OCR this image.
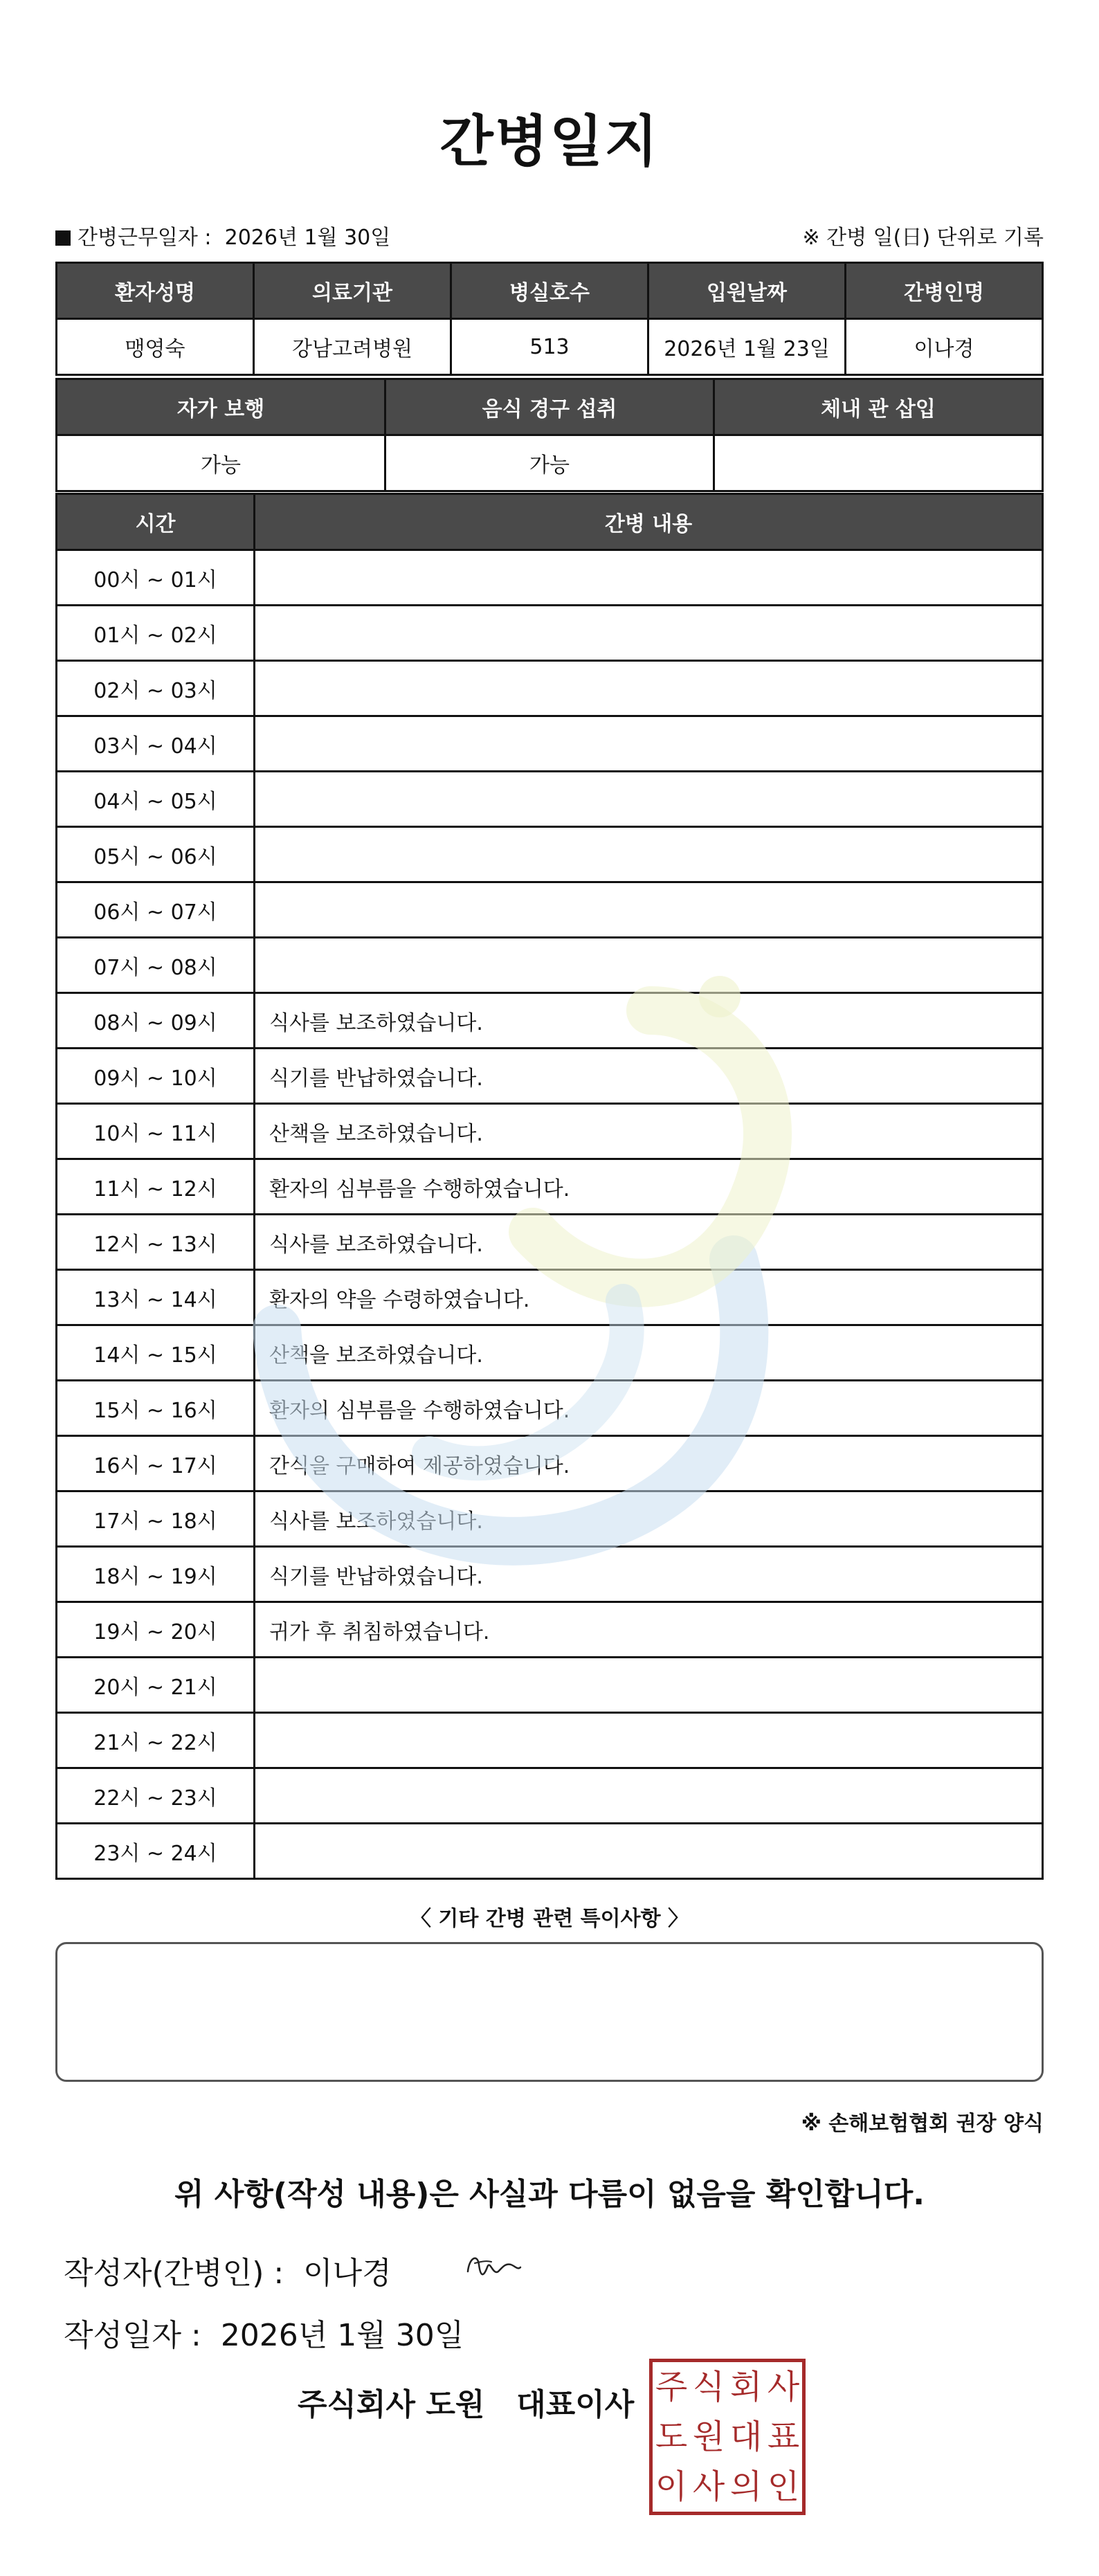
간병일지
간병근무일자 : 2026년 1월 30일	※ 간병 일(日) 단위로 기록
환자성명	의료기관	병실호수	입원날짜	간병인명
맹영숙	강남고려병원	513	2026년 1월 23일	이나경
자가 보행	음식 경구 섭취	체내 관 삽입
가능	가능	
시간	간병 내용
00시 ~ 01시	
01시 ~ 02시	
02시 ~ 03시	
03시 ~ 04시	
04시 ~ 05시	
05시 ~ 06시	
06시 ~ 07시	
07시 ~ 08시	
08시 ~ 09시	식사를 보조하였습니다.
09시 ~ 10시	식기를 반납하였습니다.
10시 ~ 11시	산책을 보조하였습니다.
11시 ~ 12시	환자의 심부름을 수행하였습니다.
12시 ~ 13시	식사를 보조하였습니다.
13시 ~ 14시	환자의 약을 수령하였습니다.
14시 ~ 15시	산책을 보조하였습니다.
15시 ~ 16시	환자의 심부름을 수행하였습니다.
16시 ~ 17시	간식을 구매하여 제공하였습니다.
17시 ~ 18시	식사를 보조하였습니다.
18시 ~ 19시	식기를 반납하였습니다.
19시 ~ 20시	귀가 후 취침하였습니다.
20시 ~ 21시	
21시 ~ 22시	
22시 ~ 23시	
23시 ~ 24시	
〈 기타 간병 관련 특이사항 〉
※ 손해보험협회 권장 양식
위 사항(작성 내용)은 사실과 다름이 없음을 확인합니다.
작성자(간병인) : 이나경
작성일자 : 2026년 1월 30일
주식회사 도원   대표이사 주 식 회 사
도 원 대 표
이 사 의 인
